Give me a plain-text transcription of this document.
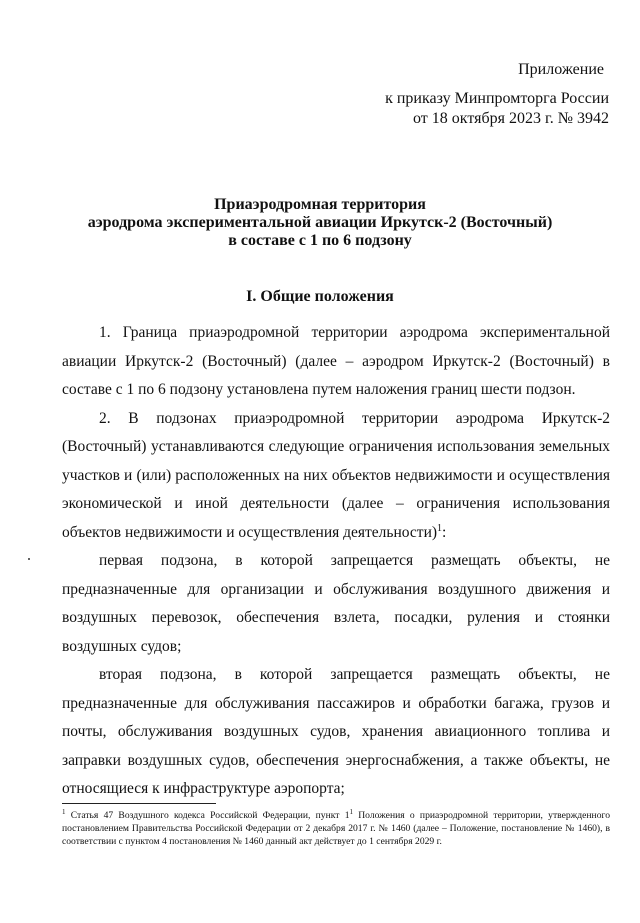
Приложение
к приказу Минпромторга России
от 18 октября 2023 г. № 3942
Приаэродромная территория
аэродрома экспериментальной авиации Иркутск-2 (Восточный)
в составе с 1 по 6 подзону
I. Общие положения

1. Граница приаэродромной территории аэродрома экспериментальной авиации Иркутск-2 (Восточный) (далее – аэродром Иркутск-2 (Восточный) в составе с 1 по 6 подзону установлена путем наложения границ шести подзон.

2. В подзонах приаэродромной территории аэродрома Иркутск-2 (Восточный) устанавливаются следующие ограничения использования земельных участков и (или) расположенных на них объектов недвижимости и осуществления экономической и иной деятельности (далее – ограничения использования объектов недвижимости и осуществления деятельности)$^1$:

первая подзона, в которой запрещается размещать объекты, не предназначенные для организации и обслуживания воздушного движения и воздушных перевозок, обеспечения взлета, посадки, руления и стоянки воздушных судов;

вторая подзона, в которой запрещается размещать объекты, не предназначенные для обслуживания пассажиров и обработки багажа, грузов и почты, обслуживания воздушных судов, хранения авиационного топлива и заправки воздушных судов, обеспечения энергоснабжения, а также объекты, не относящиеся к инфраструктуре аэропорта;

$^1$ Статья 47 Воздушного кодекса Российской Федерации, пункт $1^1$ Положения о приаэродромной территории, утвержденного постановлением Правительства Российской Федерации от 2 декабря 2017 г. № 1460 (далее – Положение, постановление № 1460), в соответствии с пунктом 4 постановления № 1460 данный акт действует до 1 сентября 2029 г.
